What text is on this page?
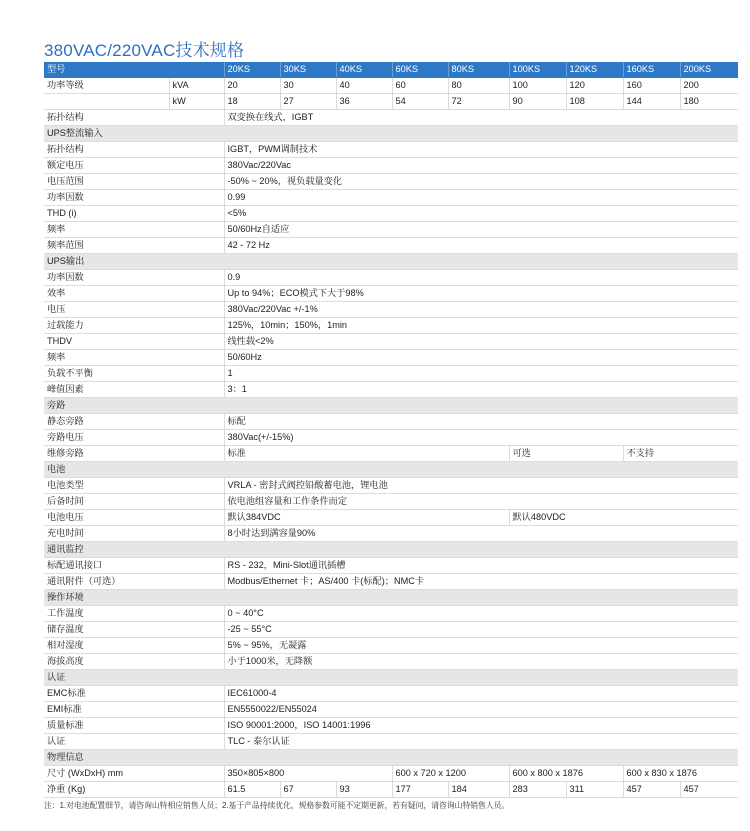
380VAC/220VAC技术规格
型号		20KS	30KS	40KS	60KS	80KS	100KS	120KS	160KS	200KS
功率等级	kVA	20	30	40	60	80	100	120	160	200
	kW	18	27	36	54	72	90	108	144	180
拓扑结构		双变换在线式，IGBT								
UPS整流输入										
拓扑结构		IGBT，PWM调制技术								
额定电压		380Vac/220Vac								
电压范围		-50% ~ 20%，视负载量变化								
功率因数		0.99								
THD (i)		<5%								
频率		50/60Hz自适应								
频率范围		42 - 72 Hz								
UPS输出										
功率因数		0.9								
效率		Up to 94%；ECO模式下大于98%								
电压		380Vac/220Vac +/-1%								
过载能力		125%，10min；150%，1min								
THDV		线性载<2%								
频率		50/60Hz								
负载不平衡		1								
峰值因素		3：1								
旁路										
静态旁路		标配								
旁路电压		380Vac(+/-15%)								
维修旁路		标准					可选		不支持	
电池										
电池类型		VRLA - 密封式阀控铅酸蓄电池，锂电池								
后备时间		依电池组容量和工作条件而定								
电池电压		默认384VDC					默认480VDC			
充电时间		8小时达到满容量90%								
通讯监控										
标配通讯接口		RS - 232，Mini-Slot通讯插槽								
通讯附件（可选）		Modbus/Ethernet 卡；AS/400 卡(标配)；NMC卡								
操作环境										
工作温度		0 ~ 40°C								
储存温度		-25 ~ 55°C								
相对湿度		5% ~ 95%，无凝露								
海拔高度		小于1000米，无降额								
认证										
EMC标准		IEC61000-4								
EMI标准		EN5550022/EN55024								
质量标准		ISO 90001:2000，ISO 14001:1996								
认证		TLC - 泰尔认证								
物理信息										
尺寸 (WxDxH) mm		350×805×800			600 x 720 x 1200		600 x 800 x 1876		600 x 830 x 1876	
净重 (Kg)		61.5	67	93	177	184	283	311	457	457
注：1.对电池配置细节，请咨询山特相应销售人员；2.基于产品持续优化，规格参数可能不定期更新，若有疑问，请咨询山特销售人员。
